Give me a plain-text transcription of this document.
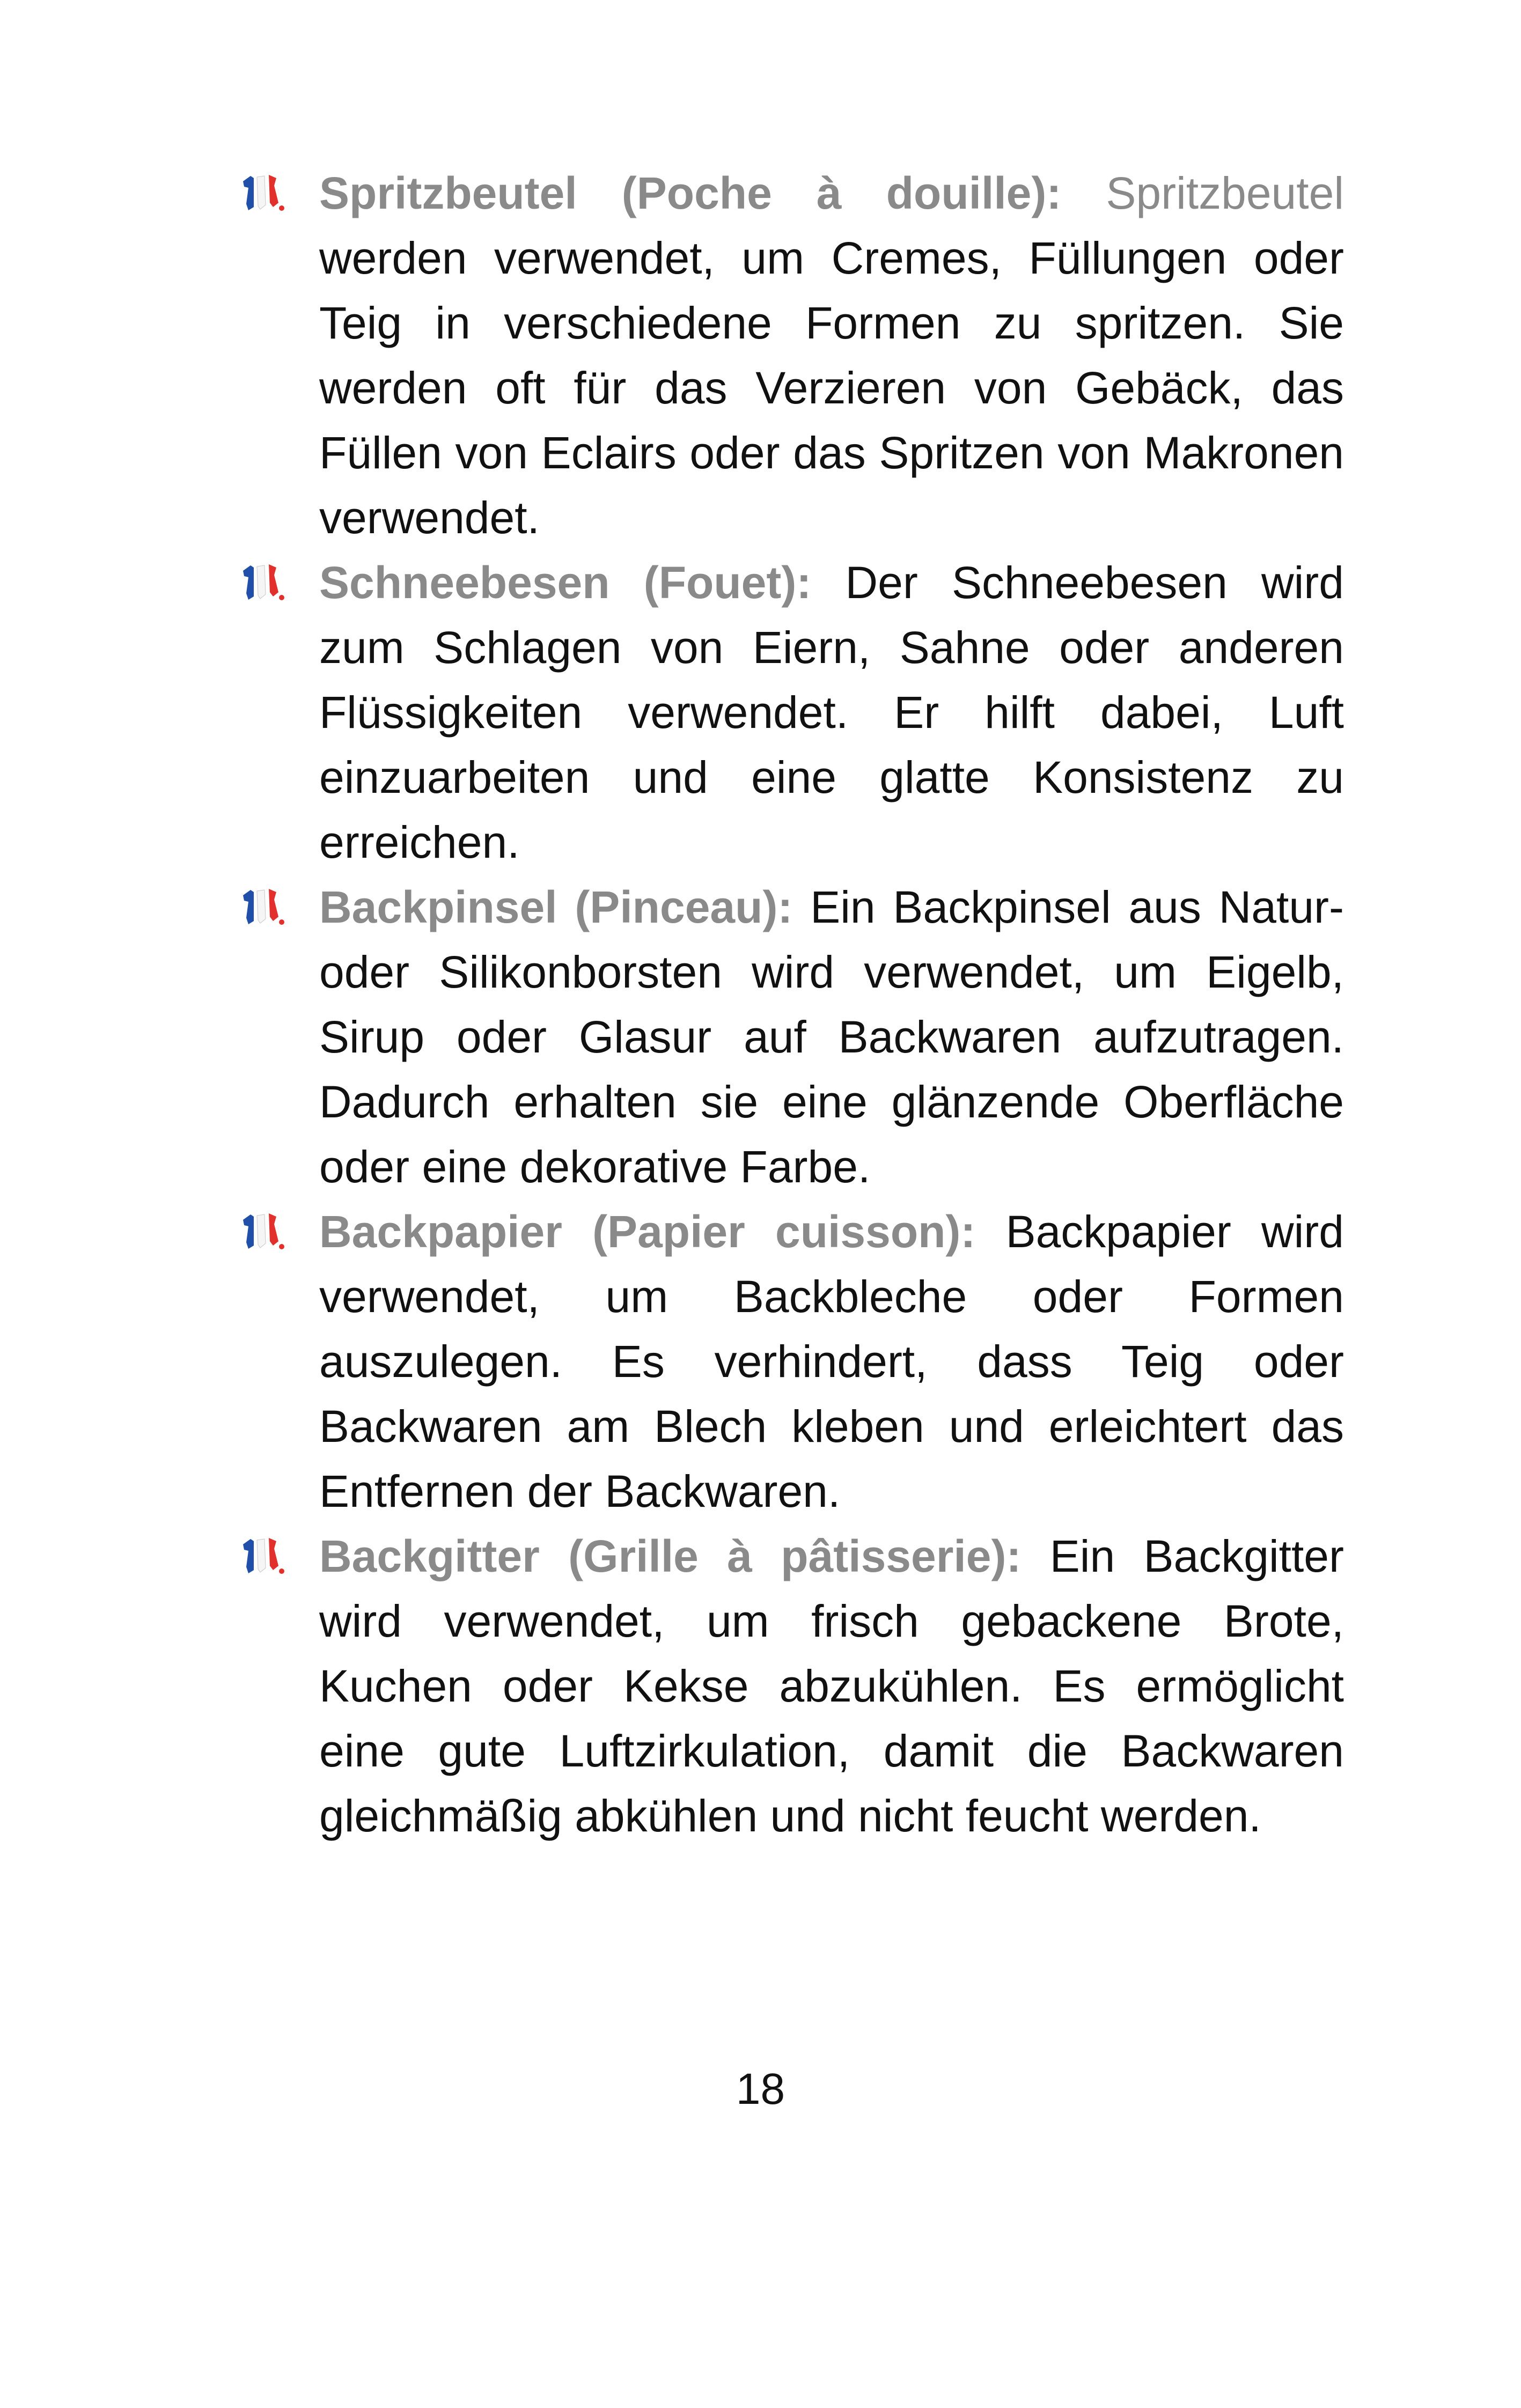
Spritzbeutel (Poche à douille): Spritzbeutel werden verwendet, um Cremes, Füllungen oder Teig in verschiedene Formen zu spritzen. Sie werden oft für das Verzieren von Gebäck, das Füllen von Eclairs oder das Spritzen von Makronen verwendet.
Schneebesen (Fouet): Der Schneebesen wird zum Schlagen von Eiern, Sahne oder anderen Flüssigkeiten verwendet. Er hilft dabei, Luft einzuarbeiten und eine glatte Konsistenz zu erreichen.
Backpinsel (Pinceau): Ein Backpinsel aus Natur- oder Silikonborsten wird verwendet, um Eigelb, Sirup oder Glasur auf Backwaren aufzutragen. Dadurch erhalten sie eine glänzende Oberfläche oder eine dekorative Farbe.
Backpapier (Papier cuisson): Backpapier wird verwendet, um Backbleche oder Formen auszulegen. Es verhindert, dass Teig oder Backwaren am Blech kleben und erleichtert das Entfernen der Backwaren.
Backgitter (Grille à pâtisserie): Ein Backgitter wird verwendet, um frisch gebackene Brote, Kuchen oder Kekse abzukühlen. Es ermöglicht eine gute Luftzirkulation, damit die Backwaren gleichmäßig abkühlen und nicht feucht werden.
18
